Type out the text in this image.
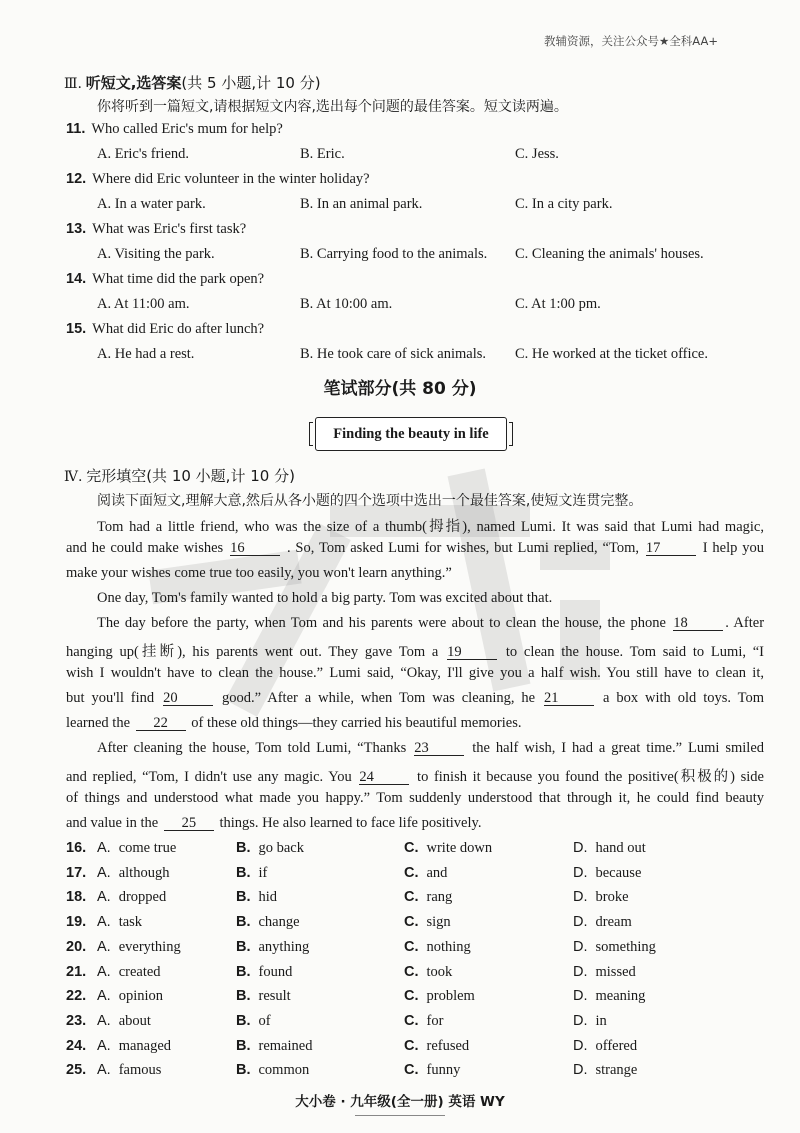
教辅资源，关注公众号★全科AA+
Ⅲ. 听短文,选答案(共 5 小题,计 10 分)
你将听到一篇短文,请根据短文内容,选出每个问题的最佳答案。短文读两遍。
11. Who called Eric's mum for help?
A. Eric's friend.	B. Eric.	C. Jess.
12. Where did Eric volunteer in the winter holiday?
A. In a water park.	B. In an animal park.	C. In a city park.
13. What was Eric's first task?
A. Visiting the park.	B. Carrying food to the animals. C. Cleaning the animals' houses.
14. What time did the park open?
A. At 11:00 am.	B. At 10:00 am.	C. At 1:00 pm.
15. What did Eric do after lunch?
A. He had a rest.	B. He took care of sick animals. C. He worked at the ticket office.
笔试部分(共 80 分)
Finding the beauty in life
Ⅳ. 完形填空(共 10 小题,计 10 分)
阅读下面短文,理解大意,然后从各小题的四个选项中选出一个最佳答案,使短文连贯完整。
Tom had a little friend, who was the size of a thumb(拇指), named Lumi. It was said that Lumi had magic,
and he could make wishes 16	. So, Tom asked Lumi for wishes, but Lumi replied, “Tom, 17	I help you
make your wishes come true too easily, you won't learn anything.”
One day, Tom's family wanted to hold a big party. Tom was excited about that.
The day before the party, when Tom and his parents were about to clean the house, the phone 18	. After
hanging up(挂断), his parents went out. They gave Tom a 19	to clean the house. Tom said to Lumi, “I
wish I wouldn't have to clean the house.” Lumi said, “Okay, I'll give you a half wish. You still have to clean it,
but you'll find 20	good.” After a while, when Tom was cleaning, he 21	a box with old toys. Tom
learned the 22 of these old things—they carried his beautiful memories.
After cleaning the house, Tom told Lumi, “Thanks 23	the half wish, I had a great time.” Lumi smiled
and replied, “Tom, I didn't use any magic. You 24	to finish it because you found the positive(积极的) side
of things and understood what made you happy.” Tom suddenly understood that through it, he could find beauty
and value in the 25 things. He also learned to face life positively.
16. A. come true	B. go back	C. write down	D. hand out
17. A. although	B. if	C. and	D. because
18. A. dropped	B. hid	C. rang	D. broke
19. A. task	B. change	C. sign	D. dream
20. A. everything	B. anything	C. nothing	D. something
21. A. created	B. found	C. took	D. missed
22. A. opinion	B. result	C. problem	D. meaning
23. A. about	B. of	C. for	D. in
24. A. managed	B. remained	C. refused	D. offered
25. A. famous	B. common	C. funny	D. strange
大小卷 · 九年级(全一册) 英语 WY
